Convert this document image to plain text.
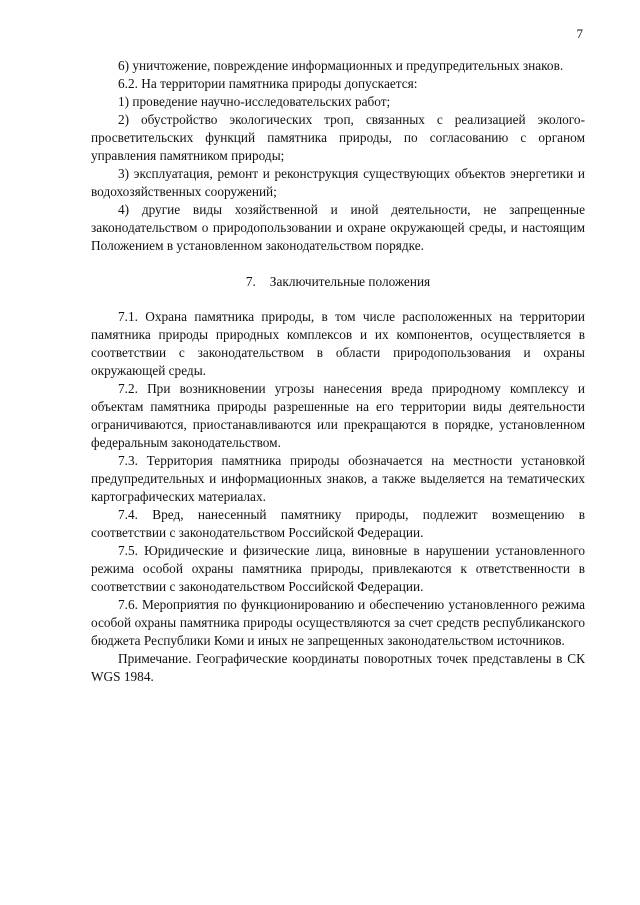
7

6) уничтожение, повреждение информационных и предупредительных знаков.

6.2. На территории памятника природы допускается:

1) проведение научно-исследовательских работ;

2) обустройство экологических троп, связанных с реализацией эколого-просветительских функций памятника природы, по согласованию с органом управления памятником природы;

3) эксплуатация, ремонт и реконструкция существующих объектов энергетики и водохозяйственных сооружений;

4) другие виды хозяйственной и иной деятельности, не запрещенные законодательством о природопользовании и охране окружающей среды, и настоящим Положением в установленном законодательством порядке.

7. Заключительные положения

7.1. Охрана памятника природы, в том числе расположенных на территории памятника природы природных комплексов и их компонентов, осуществляется в соответствии с законодательством в области природопользования и охраны окружающей среды.

7.2. При возникновении угрозы нанесения вреда природному комплексу и объектам памятника природы разрешенные на его территории виды деятельности ограничиваются, приостанавливаются или прекращаются в порядке, установленном федеральным законодательством.

7.3. Территория памятника природы обозначается на местности установкой предупредительных и информационных знаков, а также выделяется на тематических картографических материалах.

7.4. Вред, нанесенный памятнику природы, подлежит возмещению в соответствии с законодательством Российской Федерации.

7.5. Юридические и физические лица, виновные в нарушении установленного режима особой охраны памятника природы, привлекаются к ответственности в соответствии с законодательством Российской Федерации.

7.6. Мероприятия по функционированию и обеспечению установленного режима особой охраны памятника природы осуществляются за счет средств республиканского бюджета Республики Коми и иных не запрещенных законодательством источников.

Примечание. Географические координаты поворотных точек представлены в СК WGS 1984.
